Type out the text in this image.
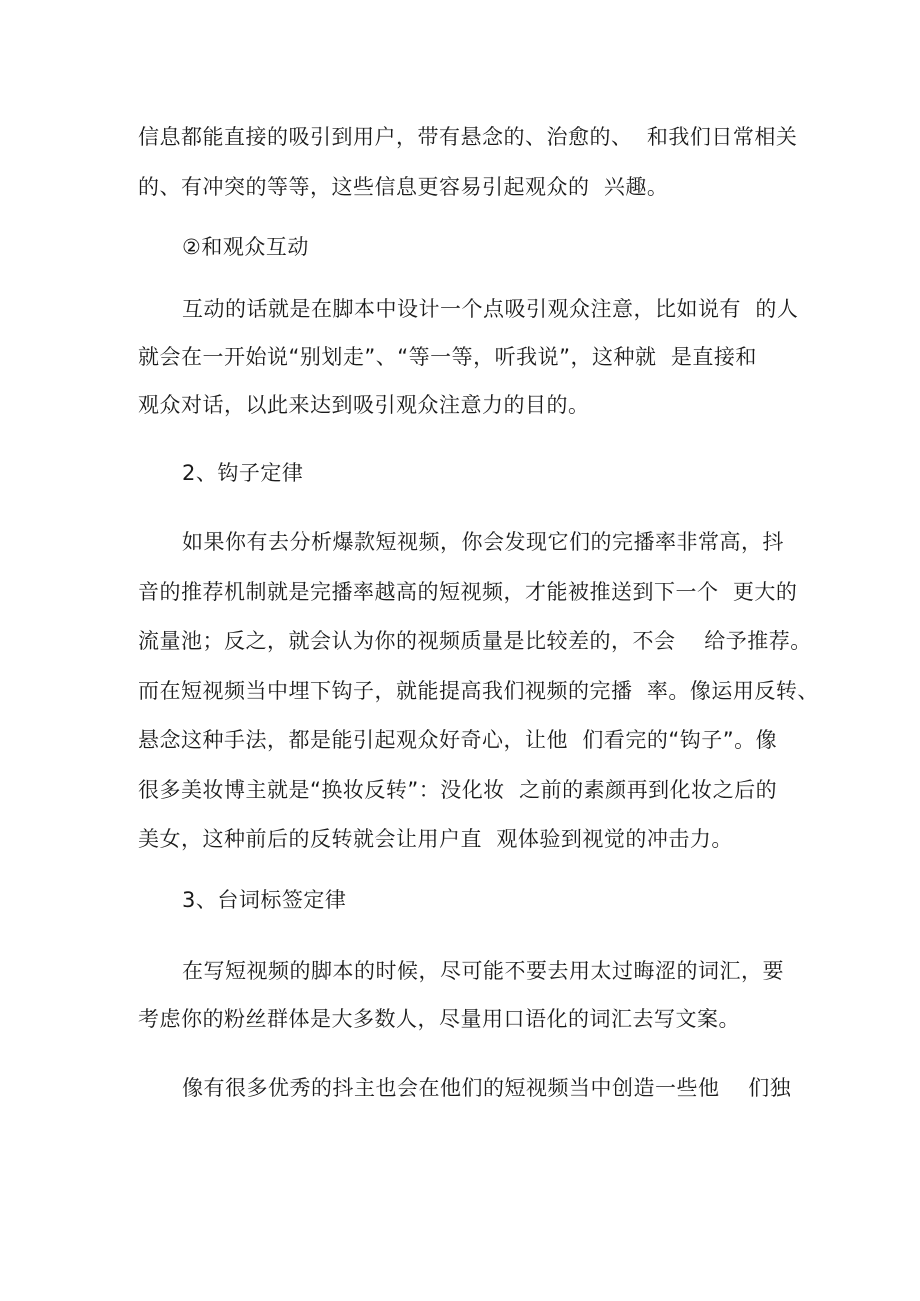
信息都能直接的吸引到用户，带有悬念的、治愈的、  和我们日常相关
的、有冲突的等等，这些信息更容易引起观众的  兴趣。
②和观众互动
互动的话就是在脚本中设计一个点吸引观众注意，比如说有  的人
就会在一开始说“别划走”、“等一等，听我说”，这种就  是直接和
观众对话，以此来达到吸引观众注意力的目的。
2、钩子定律
如果你有去分析爆款短视频，你会发现它们的完播率非常高，抖
音的推荐机制就是完播率越高的短视频，才能被推送到下一个  更大的
流量池；反之，就会认为你的视频质量是比较差的，不会    给予推荐。
而在短视频当中埋下钩子，就能提高我们视频的完播  率。像运用反转、
悬念这种手法，都是能引起观众好奇心，让他  们看完的“钩子”。像
很多美妆博主就是“换妆反转”：没化妆  之前的素颜再到化妆之后的
美女，这种前后的反转就会让用户直  观体验到视觉的冲击力。
3、台词标签定律
在写短视频的脚本的时候，尽可能不要去用太过晦涩的词汇，要
考虑你的粉丝群体是大多数人，尽量用口语化的词汇去写文案。
像有很多优秀的抖主也会在他们的短视频当中创造一些他    们独
